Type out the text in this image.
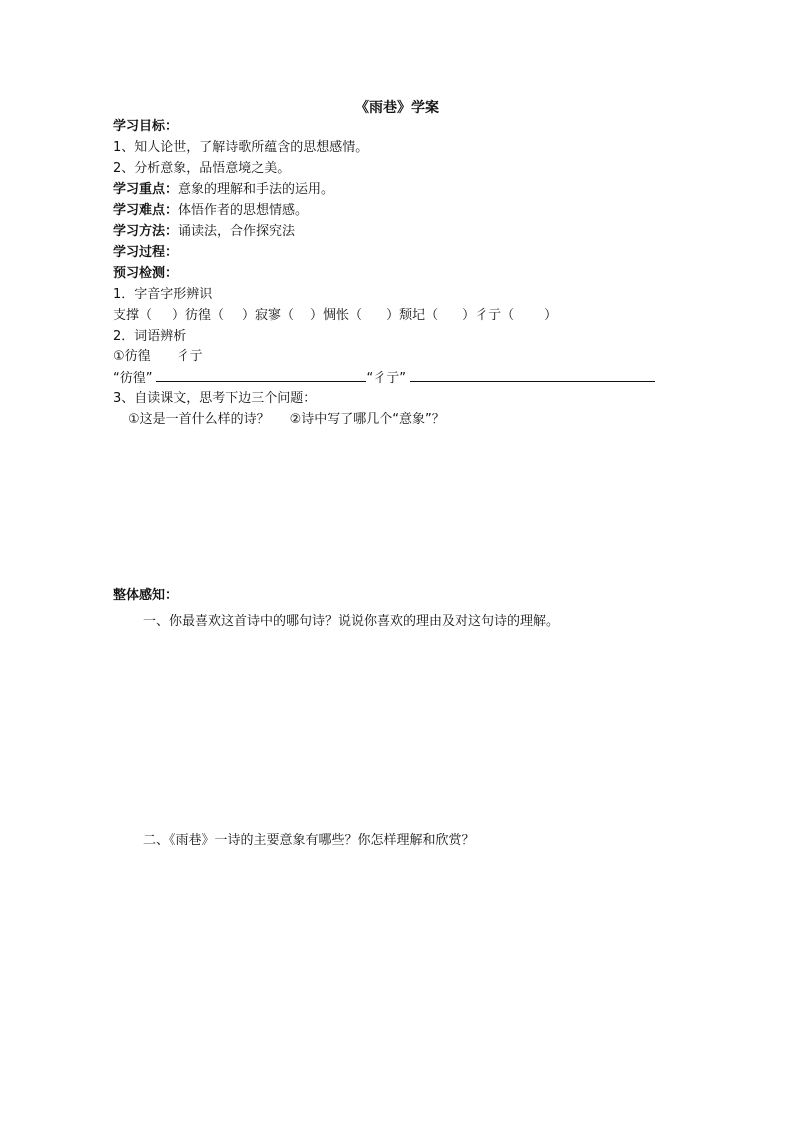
《雨巷》学案
学习目标：
1、知人论世，了解诗歌所蕴含的思想感情。
2、分析意象，品悟意境之美。
学习重点：意象的理解和手法的运用。
学习难点：体悟作者的思想情感。
学习方法：诵读法，合作探究法
学习过程：
预习检测：
1．字音字形辨识
支撑（ ）彷徨（ ）寂寥（ ）惆怅（ ）颓圮（ ）彳亍（ ）
2．词语辨析
①彷徨 彳亍
“彷徨”	“彳亍”
3、自读课文，思考下边三个问题：
①这是一首什么样的诗？ ②诗中写了哪几个“意象”？
整体感知：
一、你最喜欢这首诗中的哪句诗？说说你喜欢的理由及对这句诗的理解。
二、《雨巷》一诗的主要意象有哪些？你怎样理解和欣赏？
